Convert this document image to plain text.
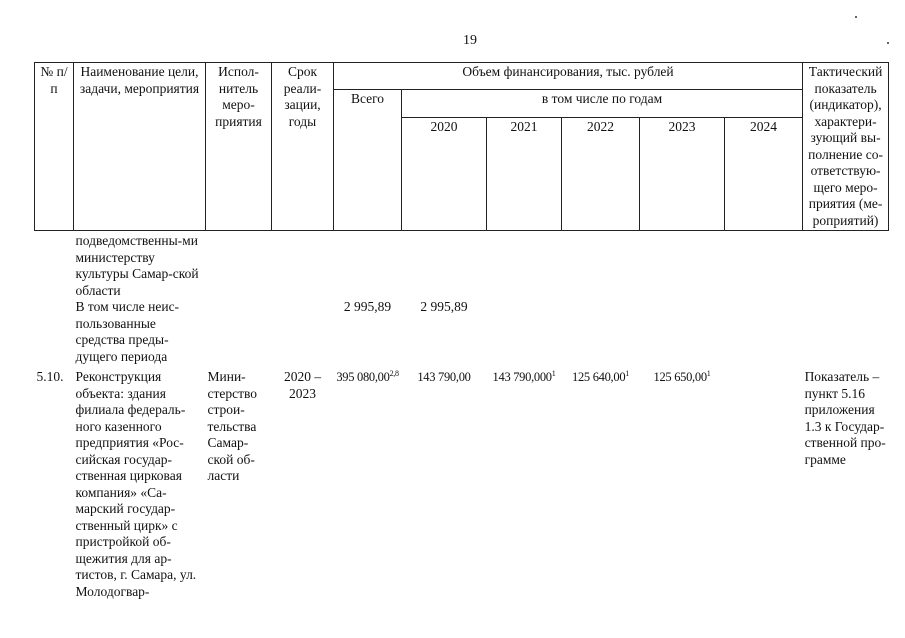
19
№ п/п	Наименование цели, задачи, мероприятия	Испол-нитель меро-приятия	Срок реали-зации, годы	Объем финансирования, тыс. рублей						Тактический показатель (индикатор), характери-зующий вы-полнение со-ответствую-щего меро-приятия (ме-роприятий)
				Всего	в том числе по годам					
					2020	2021	2022	2023	2024	
	подведомственны-ми министерству культуры Самар-ской области									
	В том числе неис-пользованные средства преды-дущего периода			2 995,89	2 995,89					
5.10.	Реконструкция объекта: здания филиала федераль-ного казенного предприятия «Рос-сийская государ-ственная цирковая компания» «Са-марский государ-ственный цирк» с пристройкой об-щежития для ар-тистов, г. Самара, ул. Молодогвар-	Мини-стерство строи-тельства Самар-ской об-ласти	2020 – 2023	395 080,00$^{2,8}$	143 790,00	143 790,000$^1$	125 640,00$^1$	125 650,00$^1$		Показатель – пункт 5.16 приложения 1.3 к Государ-ственной про-грамме
